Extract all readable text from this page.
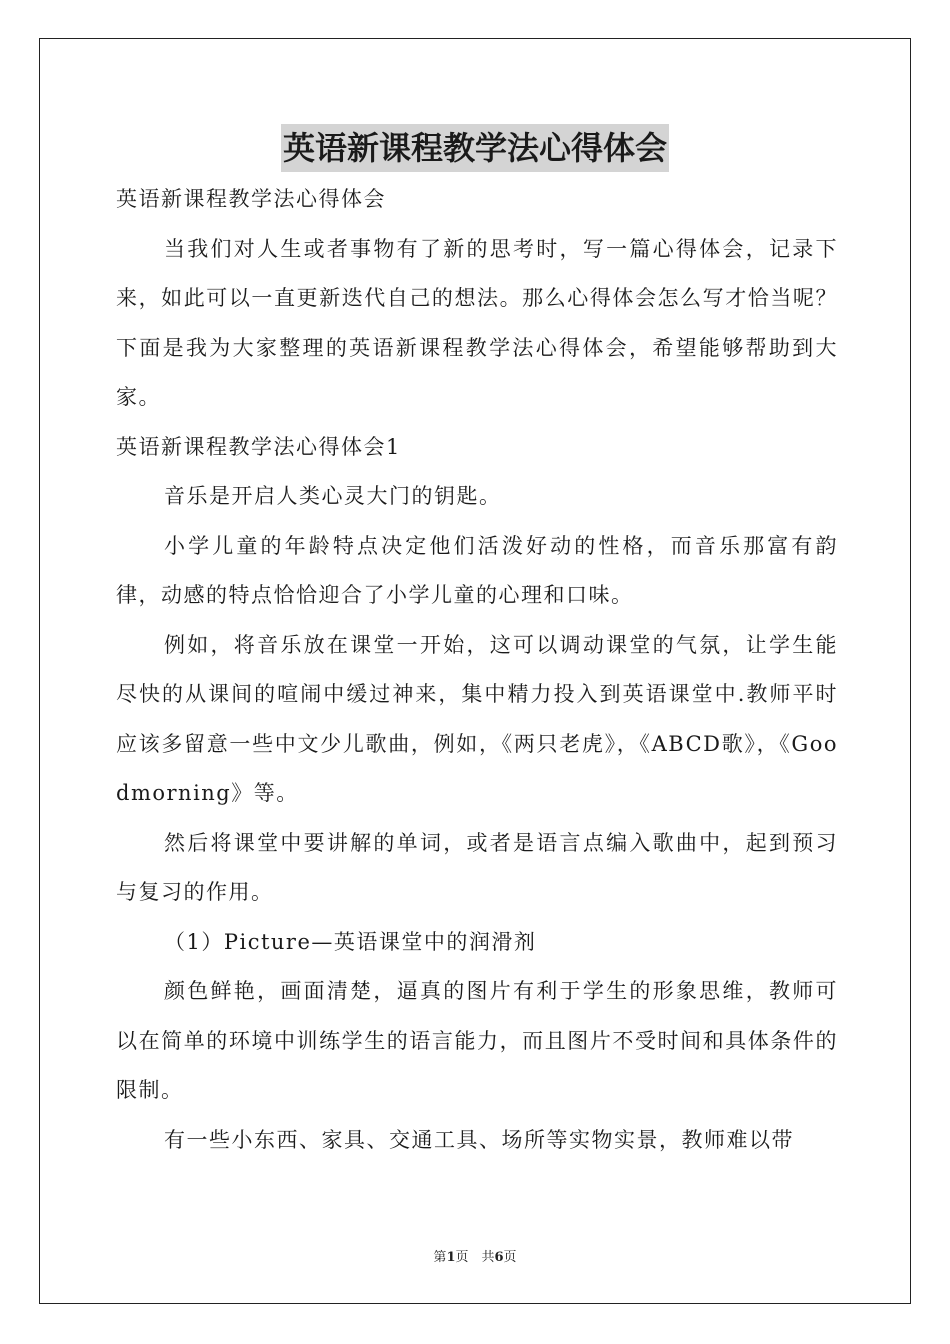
英语新课程教学法心得体会

英语新课程教学法心得体会

当我们对人生或者事物有了新的思考时，写一篇心得体会，记录下来，如此可以一直更新迭代自己的想法。那么心得体会怎么写才恰当呢？下面是我为大家整理的英语新课程教学法心得体会，希望能够帮助到大家。

英语新课程教学法心得体会1

音乐是开启人类心灵大门的钥匙。

小学儿童的年龄特点决定他们活泼好动的性格，而音乐那富有韵律，动感的特点恰恰迎合了小学儿童的心理和口味。

例如，将音乐放在课堂一开始，这可以调动课堂的气氛，让学生能尽快的从课间的喧闹中缓过神来，集中精力投入到英语课堂中.教师平时应该多留意一些中文少儿歌曲，例如，《两只老虎》，《ABCD歌》，《Goodmorning》等。

然后将课堂中要讲解的单词，或者是语言点编入歌曲中，起到预习与复习的作用。

（1）Picture—英语课堂中的润滑剂

颜色鲜艳，画面清楚，逼真的图片有利于学生的形象思维，教师可以在简单的环境中训练学生的语言能力，而且图片不受时间和具体条件的限制。

有一些小东西、家具、交通工具、场所等实物实景，教师难以带

第1页　共6页
